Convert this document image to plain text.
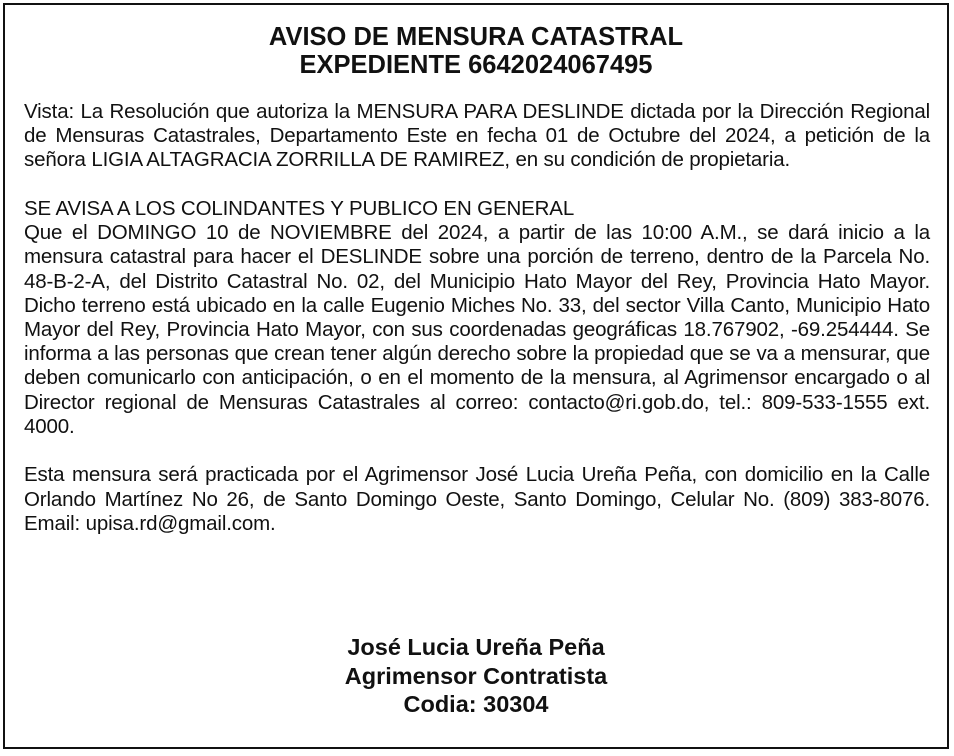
AVISO DE MENSURA CATASTRAL
EXPEDIENTE 6642024067495

Vista: La Resolución que autoriza la MENSURA PARA DESLINDE dictada por la Dirección Regional de Mensuras Catastrales, Departamento Este en fecha 01 de Octubre del 2024, a petición de la señora LIGIA ALTAGRACIA ZORRILLA DE RAMIREZ, en su condición de propietaria.

SE AVISA A LOS COLINDANTES Y PUBLICO EN GENERAL

Que el DOMINGO 10 de NOVIEMBRE del 2024, a partir de las 10:00 A.M., se dará inicio a la mensura catastral para hacer el DESLINDE sobre una porción de terreno, dentro de la Parcela No. 48-B-2-A, del Distrito Catastral No. 02, del Municipio Hato Mayor del Rey, Provincia Hato Mayor. Dicho terreno está ubicado en la calle Eugenio Miches No. 33, del sector Villa Canto, Municipio Hato Mayor del Rey, Provincia Hato Mayor, con sus coordenadas geográficas 18.767902, -69.254444. Se informa a las personas que crean tener algún derecho sobre la propiedad que se va a mensurar, que deben comunicarlo con anticipación, o en el momento de la mensura, al Agrimensor encargado o al Director regional de Mensuras Catastrales al correo: contacto@ri.gob.do, tel.: 809-533-1555 ext. 4000.

Esta mensura será practicada por el Agrimensor José Lucia Ureña Peña, con domicilio en la Calle Orlando Martínez No 26, de Santo Domingo Oeste, Santo Domingo, Celular No. (809) 383-8076. Email: upisa.rd@gmail.com.

José Lucia Ureña Peña
Agrimensor Contratista
Codia: 30304
